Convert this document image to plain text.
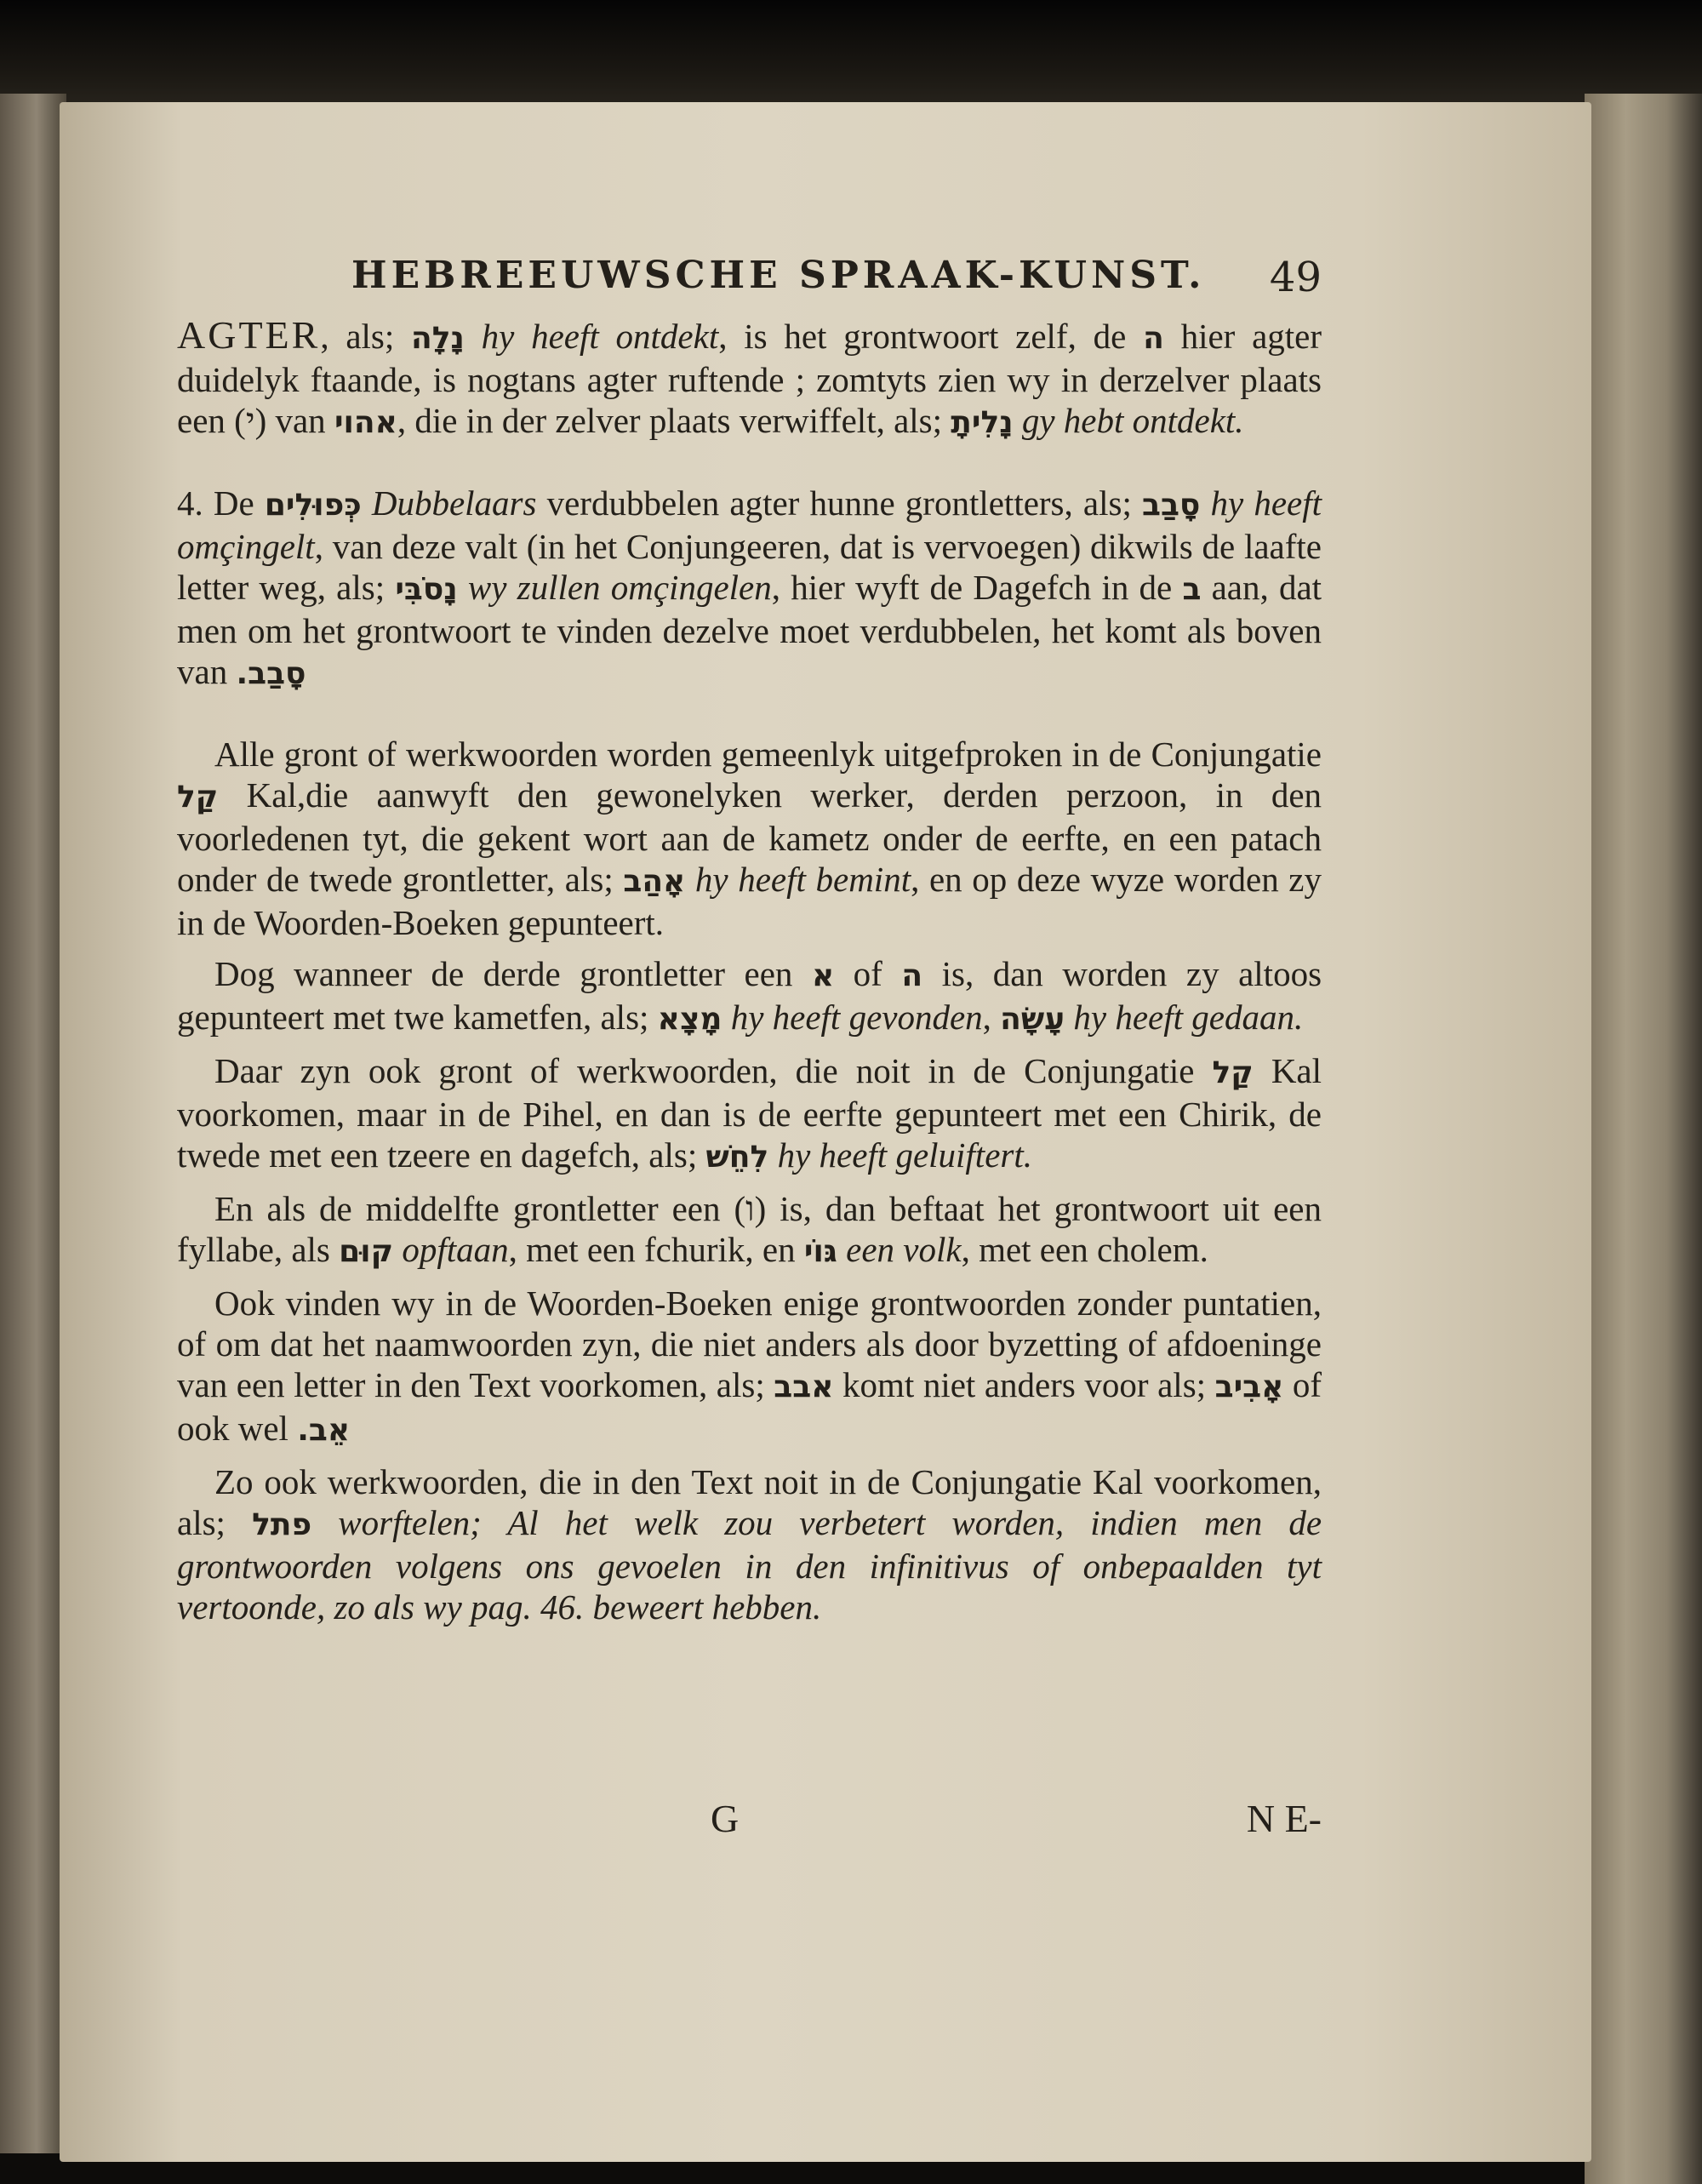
HEBREEUWSCHE SPRAAK-KUNST. 49

AGTER, als; נָלָה hy heeft ontdekt, is het grontwoort zelf, de ה hier agter duidelyk ftaande, is nogtans agter ruftende ; zomtyts zien wy in derzelver plaats een (י) van אהוי, die in der zelver plaats verwiffelt, als; נָלִיתָ gy hebt ontdekt.

4. De כְּפוּלִים Dubbelaars verdubbelen agter hunne grontletters, als; סָבַב hy heeft omçingelt, van deze valt (in het Conjungeeren, dat is vervoegen) dikwils de laafte letter weg, als; נָסֹבִּי wy zullen omçingelen, hier wyft de Dagefch in de ב aan, dat men om het grontwoort te vinden dezelve moet verdubbelen, het komt als boven van סָבַב.

Alle gront of werkwoorden worden gemeenlyk uitgefproken in de Conjungatie קַל Kal,die aanwyft den gewonelyken werker, derden perzoon, in den voorledenen tyt, die gekent wort aan de kametz onder de eerfte, en een patach onder de twede grontletter, als; אָהַב hy heeft bemint, en op deze wyze worden zy in de Woorden-Boeken gepunteert.

Dog wanneer de derde grontletter een א of ה is, dan worden zy altoos gepunteert met twe kametfen, als; מָצָא hy heeft gevonden, עָשָׂה hy heeft gedaan.

Daar zyn ook gront of werkwoorden, die noit in de Conjungatie קַל Kal voorkomen, maar in de Pihel, en dan is de eerfte gepunteert met een Chirik, de twede met een tzeere en dagefch, als; לִחֵשׁ hy heeft geluiftert.

En als de middelfte grontletter een (ו) is, dan beftaat het grontwoort uit een fyllabe, als קוּם opftaan, met een fchurik, en גּוֹי een volk, met een cholem.

Ook vinden wy in de Woorden-Boeken enige grontwoorden zonder puntatien, of om dat het naamwoorden zyn, die niet anders als door byzetting of afdoeninge van een letter in den Text voorkomen, als; אבב komt niet anders voor als; אָבִיב of ook wel אֵב.

Zo ook werkwoorden, die in den Text noit in de Conjungatie Kal voorkomen, als; פתל worftelen; Al het welk zou verbetert worden, indien men de grontwoorden volgens ons gevoelen in den infinitivus of onbepaalden tyt vertoonde, zo als wy pag. 46. beweert hebben.

G	N E-
